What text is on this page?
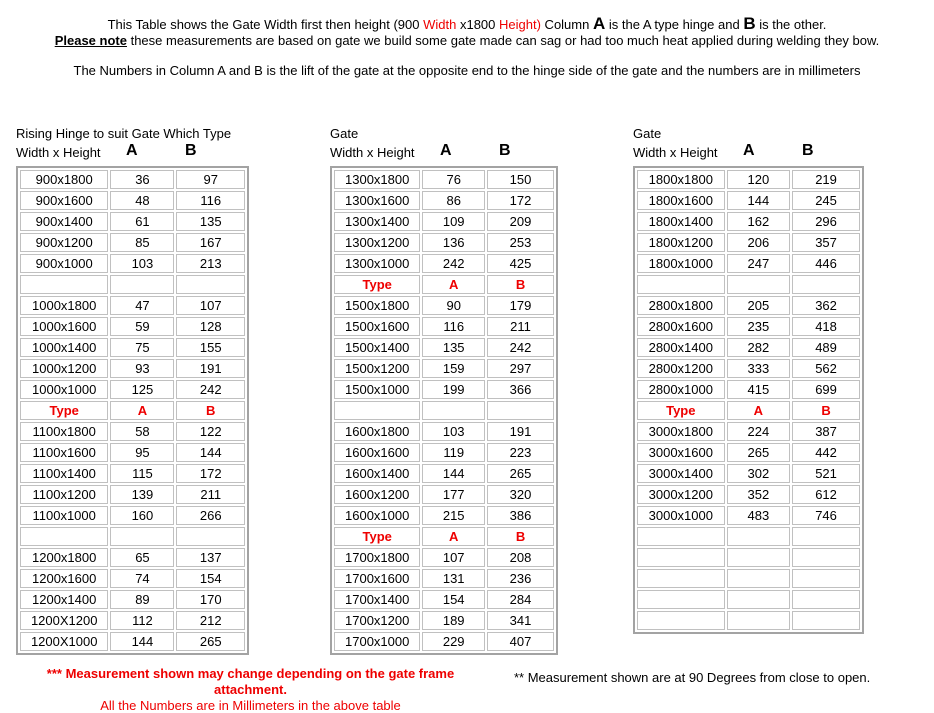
This Table shows the Gate Width first then height (900 Width x1800 Height) Column A is the A type hinge and B is the other.
Please note these measurements are based on gate we build some gate made can sag or had too much heat applied during welding they bow.
The Numbers in Column A and B is the lift of the gate at the opposite end to the hinge side of the gate and the numbers are in millimeters
Rising Hinge to suit Gate Which Type
Width x Height A	B
900x1800	36	97
900x1600	48	116
900x1400	61	135
900x1200	85	167
900x1000	103	213

1000x1800	47	107
1000x1600	59	128
1000x1400	75	155
1000x1200	93	191
1000x1000	125	242
Type	A	B
1100x1800	58	122
1100x1600	95	144
1100x1400	115	172
1100x1200	139	211
1100x1000	160	266

1200x1800	65	137
1200x1600	74	154
1200x1400	89	170
1200X1200	112	212
1200X1000	144	265
Gate
Width x Height A	B
1300x1800	76	150
1300x1600	86	172
1300x1400	109	209
1300x1200	136	253
1300x1000	242	425
Type	A	B
1500x1800	90	179
1500x1600	116	211
1500x1400	135	242
1500x1200	159	297
1500x1000	199	366

1600x1800	103	191
1600x1600	119	223
1600x1400	144	265
1600x1200	177	320
1600x1000	215	386
Type	A	B
1700x1800	107	208
1700x1600	131	236
1700x1400	154	284
1700x1200	189	341
1700x1000	229	407
Gate
Width x Height A	B
1800x1800	120	219
1800x1600	144	245
1800x1400	162	296
1800x1200	206	357
1800x1000	247	446

2800x1800	205	362
2800x1600	235	418
2800x1400	282	489
2800x1200	333	562
2800x1000	415	699
Type	A	B
3000x1800	224	387
3000x1600	265	442
3000x1400	302	521
3000x1200	352	612
3000x1000	483	746

*** Measurement shown may change depending on the gate frame
attachment.
All the Numbers are in Millimeters in the above table
** Measurement shown are at 90 Degrees from close to open.
